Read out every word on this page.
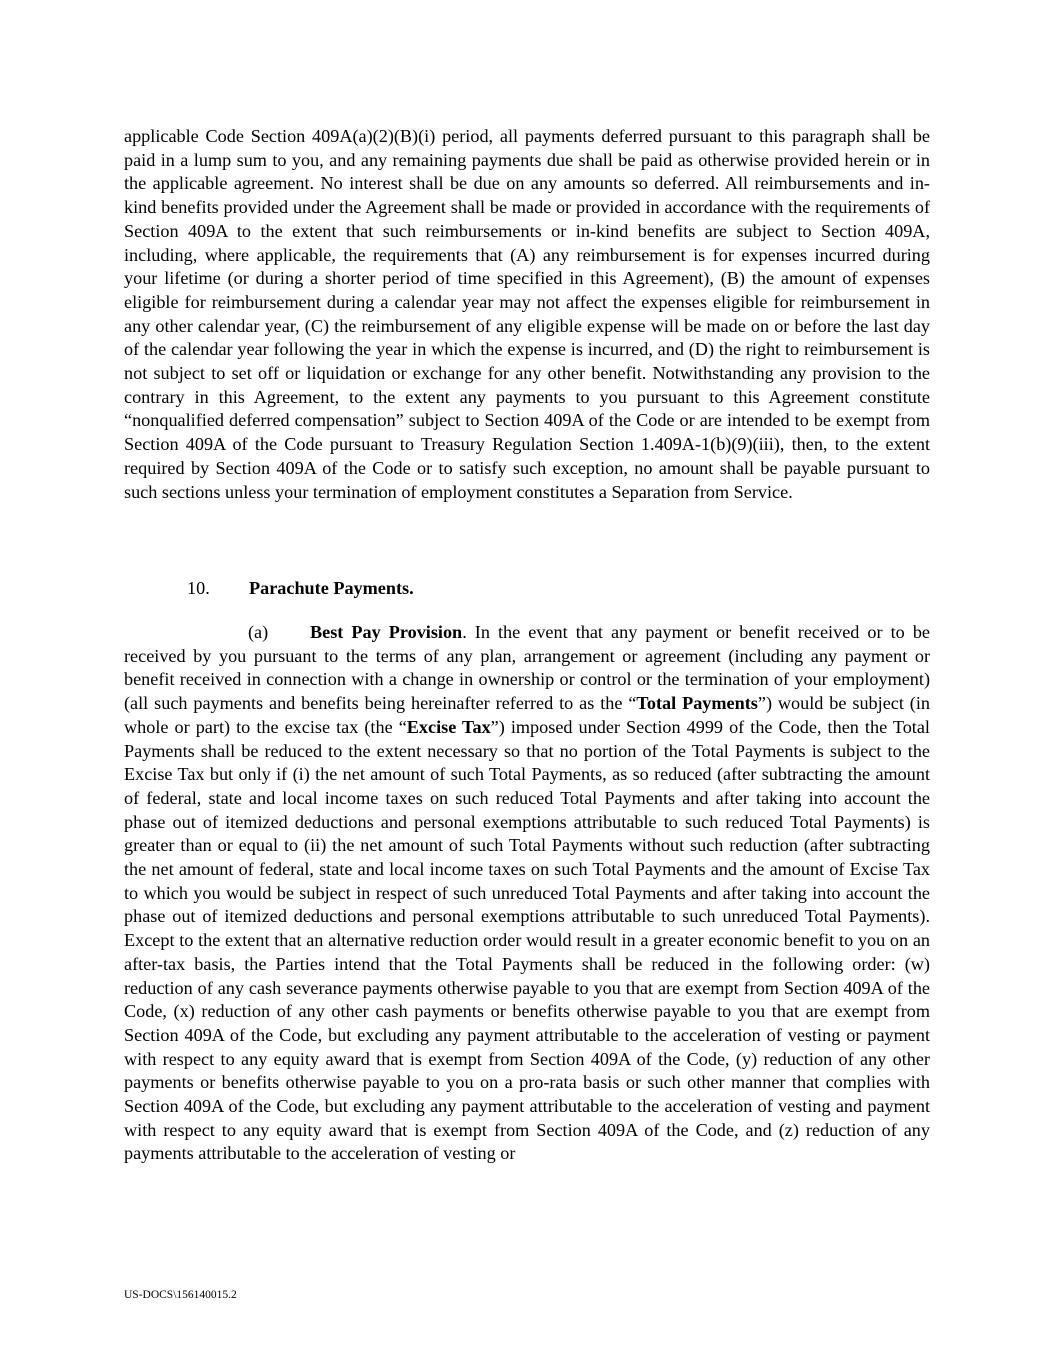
applicable Code Section 409A(a)(2)(B)(i) period, all payments deferred pursuant to this paragraph shall be paid in a lump sum to you, and any remaining payments due shall be paid as otherwise provided herein or in the applicable agreement. No interest shall be due on any amounts so deferred. All reimbursements and in-kind benefits provided under the Agreement shall be made or provided in accordance with the requirements of Section 409A to the extent that such reimbursements or in-kind benefits are subject to Section 409A, including, where applicable, the requirements that (A) any reimbursement is for expenses incurred during your lifetime (or during a shorter period of time specified in this Agreement), (B) the amount of expenses eligible for reimbursement during a calendar year may not affect the expenses eligible for reimbursement in any other calendar year, (C) the reimbursement of any eligible expense will be made on or before the last day of the calendar year following the year in which the expense is incurred, and (D) the right to reimbursement is not subject to set off or liquidation or exchange for any other benefit. Notwithstanding any provision to the contrary in this Agreement, to the extent any payments to you pursuant to this Agreement constitute “nonqualified deferred compensation” subject to Section 409A of the Code or are intended to be exempt from Section 409A of the Code pursuant to Treasury Regulation Section 1.409A-1(b)(9)(iii), then, to the extent required by Section 409A of the Code or to satisfy such exception, no amount shall be payable pursuant to such sections unless your termination of employment constitutes a Separation from Service.

10. Parachute Payments.

(a) Best Pay Provision. In the event that any payment or benefit received or to be received by you pursuant to the terms of any plan, arrangement or agreement (including any payment or benefit received in connection with a change in ownership or control or the termination of your employment) (all such payments and benefits being hereinafter referred to as the “Total Payments”) would be subject (in whole or part) to the excise tax (the “Excise Tax”) imposed under Section 4999 of the Code, then the Total Payments shall be reduced to the extent necessary so that no portion of the Total Payments is subject to the Excise Tax but only if (i) the net amount of such Total Payments, as so reduced (after subtracting the amount of federal, state and local income taxes on such reduced Total Payments and after taking into account the phase out of itemized deductions and personal exemptions attributable to such reduced Total Payments) is greater than or equal to (ii) the net amount of such Total Payments without such reduction (after subtracting the net amount of federal, state and local income taxes on such Total Payments and the amount of Excise Tax to which you would be subject in respect of such unreduced Total Payments and after taking into account the phase out of itemized deductions and personal exemptions attributable to such unreduced Total Payments). Except to the extent that an alternative reduction order would result in a greater economic benefit to you on an after-tax basis, the Parties intend that the Total Payments shall be reduced in the following order: (w) reduction of any cash severance payments otherwise payable to you that are exempt from Section 409A of the Code, (x) reduction of any other cash payments or benefits otherwise payable to you that are exempt from Section 409A of the Code, but excluding any payment attributable to the acceleration of vesting or payment with respect to any equity award that is exempt from Section 409A of the Code, (y) reduction of any other payments or benefits otherwise payable to you on a pro-rata basis or such other manner that complies with Section 409A of the Code, but excluding any payment attributable to the acceleration of vesting and payment with respect to any equity award that is exempt from Section 409A of the Code, and (z) reduction of any payments attributable to the acceleration of vesting or

US-DOCS\156140015.2
